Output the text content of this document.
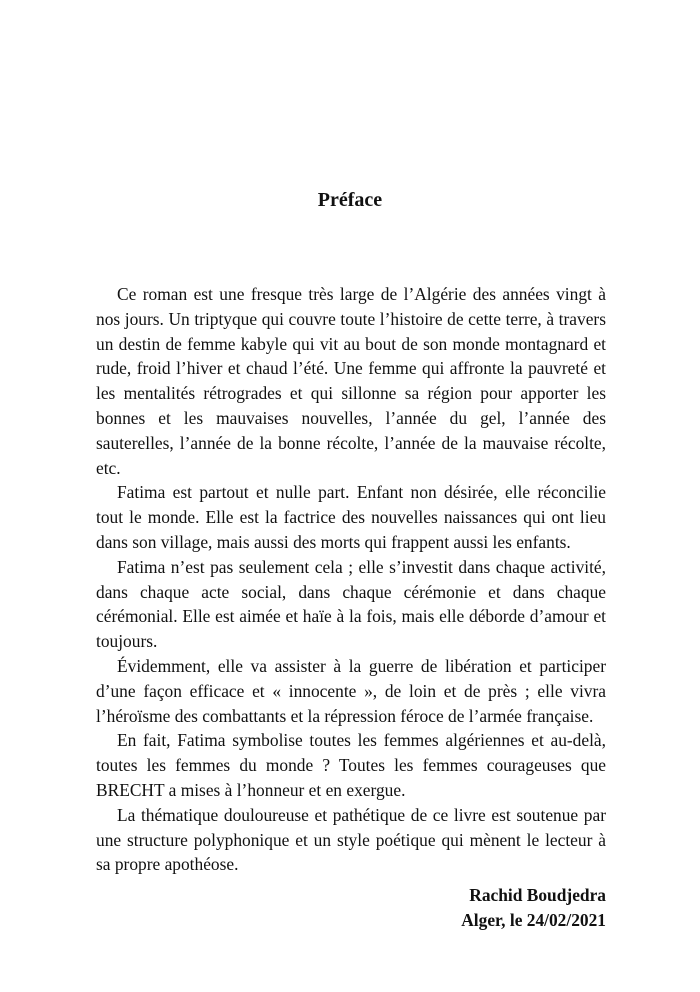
Préface

Ce roman est une fresque très large de l’Algérie des années vingt à nos jours. Un triptyque qui couvre toute l’histoire de cette terre, à travers un destin de femme kabyle qui vit au bout de son monde montagnard et rude, froid l’hiver et chaud l’été. Une femme qui affronte la pauvreté et les mentalités rétrogrades et qui sillonne sa région pour apporter les bonnes et les mauvaises nouvelles, l’année du gel, l’année des sauterelles, l’année de la bonne récolte, l’année de la mauvaise récolte, etc.

Fatima est partout et nulle part. Enfant non désirée, elle réconcilie tout le monde. Elle est la factrice des nouvelles naissances qui ont lieu dans son village, mais aussi des morts qui frappent aussi les enfants.

Fatima n’est pas seulement cela ; elle s’investit dans chaque activité, dans chaque acte social, dans chaque cérémonie et dans chaque cérémonial. Elle est aimée et haïe à la fois, mais elle déborde d’amour et toujours.

Évidemment, elle va assister à la guerre de libération et participer d’une façon efficace et « innocente », de loin et de près ; elle vivra l’héroïsme des combattants et la répression féroce de l’armée française.

En fait, Fatima symbolise toutes les femmes algériennes et au-delà, toutes les femmes du monde ? Toutes les femmes courageuses que BRECHT a mises à l’honneur et en exergue.

La thématique douloureuse et pathétique de ce livre est soutenue par une structure polyphonique et un style poétique qui mènent le lecteur à sa propre apothéose.

Rachid Boudjedra
Alger, le 24/02/2021
